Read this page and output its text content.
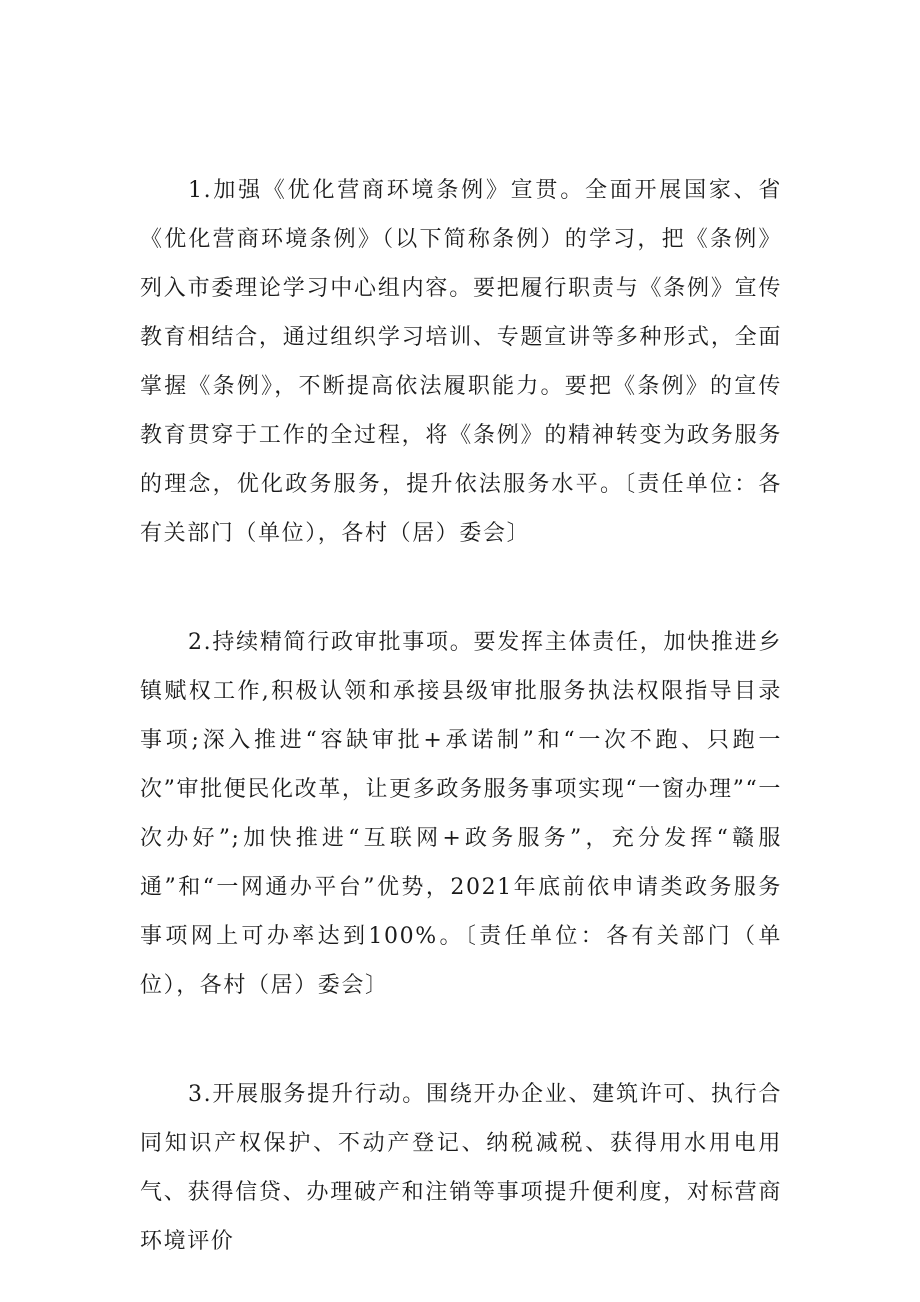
1.加强《优化营商环境条例》宣贯。全面开展国家、省《优化营商环境条例》（以下简称条例）的学习，把《条例》列入市委理论学习中心组内容。要把履行职责与《条例》宣传教育相结合，通过组织学习培训、专题宣讲等多种形式，全面掌握《条例》，不断提高依法履职能力。要把《条例》的宣传教育贯穿于工作的全过程，将《条例》的精神转变为政务服务的理念，优化政务服务，提升依法服务水平。〔责任单位：各有关部门（单位），各村（居）委会〕

2.持续精简行政审批事项。要发挥主体责任，加快推进乡镇赋权工作,积极认领和承接县级审批服务执法权限指导目录事项;深入推进“容缺审批+承诺制”和“一次不跑、只跑一次”审批便民化改革，让更多政务服务事项实现“一窗办理”“一次办好”;加快推进“互联网+政务服务”，充分发挥“赣服通”和“一网通办平台”优势，2021年底前依申请类政务服务事项网上可办率达到100%。〔责任单位：各有关部门（单位），各村（居）委会〕

3.开展服务提升行动。围绕开办企业、建筑许可、执行合同知识产权保护、不动产登记、纳税减税、获得用水用电用气、获得信贷、办理破产和注销等事项提升便利度，对标营商环境评价
